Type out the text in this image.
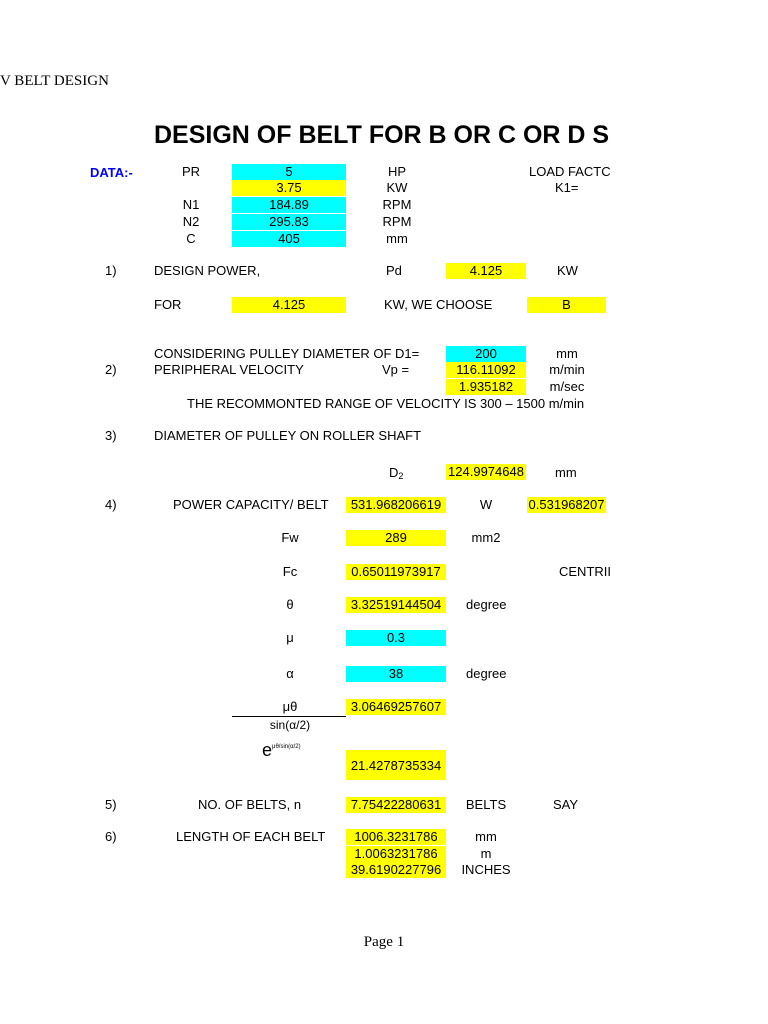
V BELT DESIGN
DESIGN OF BELT FOR B OR C OR D S
DATA:-	PR	5	HP
3.75	KW
N1	184.89	RPM
N2	295.83	RPM
C	405	mm
LOAD FACTC
K1=
1)	DESIGN POWER,	Pd	4.125	KW
FOR	4.125	KW, WE CHOOSE	B
CONSIDERING PULLEY DIAMETER OF D1=	200	mm
2)	PERIPHERAL VELOCITY	Vp =	116.11092	m/min
1.935182	m/sec
THE RECOMMONTED RANGE OF VELOCITY IS 300 – 1500 m/min
3)	DIAMETER OF PULLEY ON ROLLER SHAFT
$D_2$	124.9974648 mm
4)	POWER CAPACITY/ BELT	531.968206619	W	0.531968207
Fw	289	mm2
Fc	0.65011973917	CENTRII
θ	3.32519144504	degree
μ	0.3
α	38	degree
μθ	3.06469257607
sin(α/2)
$e^{\mu\theta/sin(\alpha/2)}$
21.4278735334
5)	NO. OF BELTS, n	7.75422280631	BELTS	SAY
6)	LENGTH OF EACH BELT	1006.3231786	mm
1.0063231786	m
39.6190227796	INCHES
Page 1
